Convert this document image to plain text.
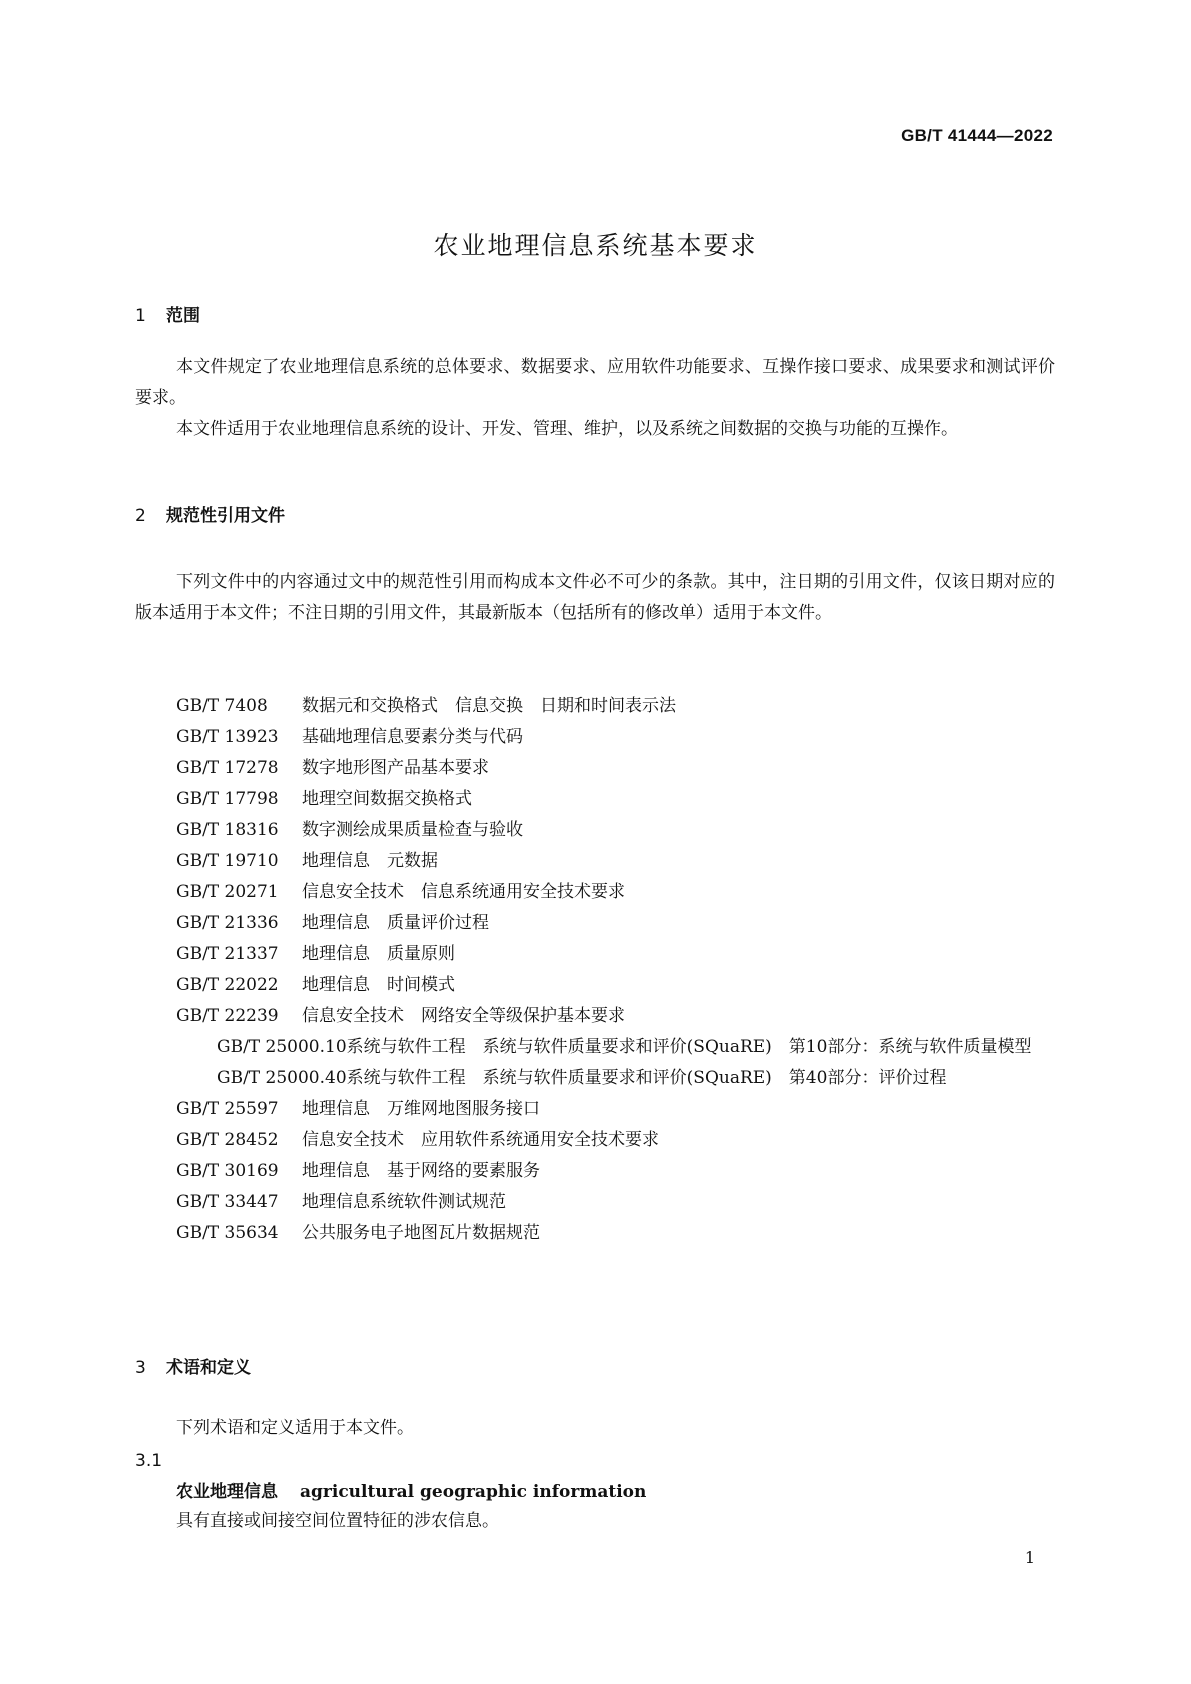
GB/T 41444—2022
农业地理信息系统基本要求
1 范围
本文件规定了农业地理信息系统的总体要求、数据要求、应用软件功能要求、互操作接口要求、成果要求和测试评价要求。
本文件适用于农业地理信息系统的设计、开发、管理、维护，以及系统之间数据的交换与功能的互操作。
2 规范性引用文件
下列文件中的内容通过文中的规范性引用而构成本文件必不可少的条款。其中，注日期的引用文件，仅该日期对应的版本适用于本文件；不注日期的引用文件，其最新版本（包括所有的修改单）适用于本文件。
GB/T 7408 数据元和交换格式　信息交换　日期和时间表示法
GB/T 13923 基础地理信息要素分类与代码
GB/T 17278 数字地形图产品基本要求
GB/T 17798 地理空间数据交换格式
GB/T 18316 数字测绘成果质量检查与验收
GB/T 19710 地理信息　元数据
GB/T 20271 信息安全技术　信息系统通用安全技术要求
GB/T 21336 地理信息　质量评价过程
GB/T 21337 地理信息　质量原则
GB/T 22022 地理信息　时间模式
GB/T 22239 信息安全技术　网络安全等级保护基本要求
GB/T 25000.10系统与软件工程　系统与软件质量要求和评价(SQuaRE)　第10部分：系统与软件质量模型
GB/T 25000.40系统与软件工程　系统与软件质量要求和评价(SQuaRE)　第40部分：评价过程
GB/T 25597 地理信息　万维网地图服务接口
GB/T 28452 信息安全技术　应用软件系统通用安全技术要求
GB/T 30169 地理信息　基于网络的要素服务
GB/T 33447 地理信息系统软件测试规范
GB/T 35634 公共服务电子地图瓦片数据规范
3 术语和定义
下列术语和定义适用于本文件。
3.1
农业地理信息 agricultural geographic information
具有直接或间接空间位置特征的涉农信息。
1
